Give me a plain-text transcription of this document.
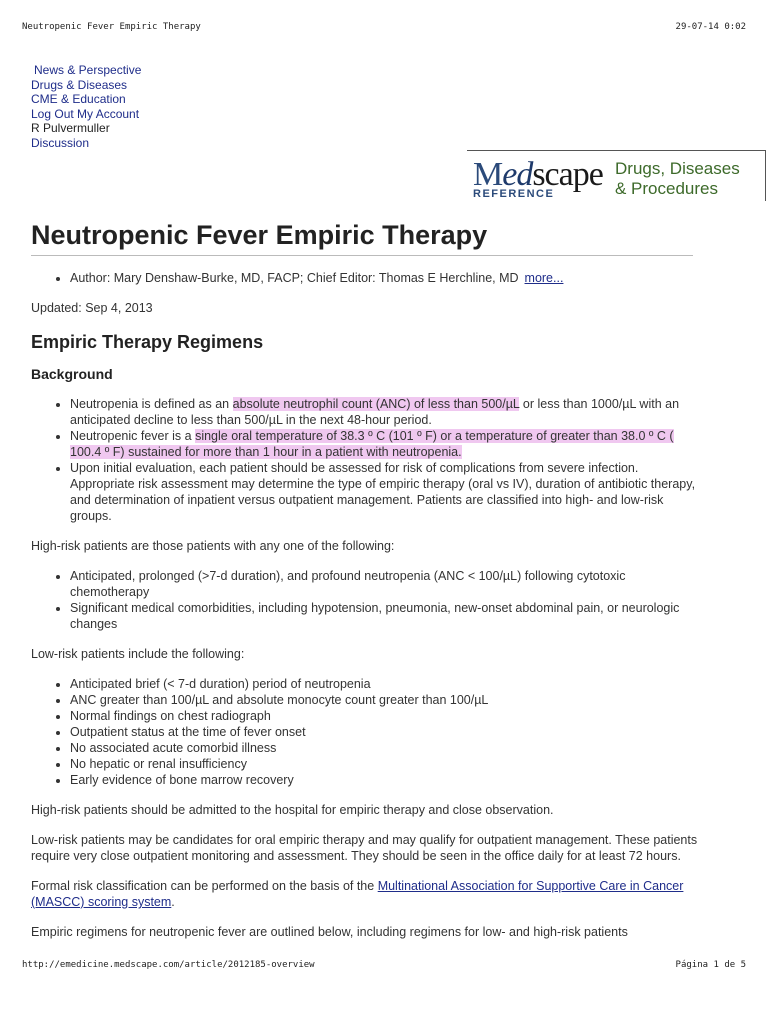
Neutropenic Fever Empiric Therapy	29-07-14 0:02
News & Perspective
Drugs & Diseases
CME & Education
Log Out My Account
R Pulvermuller
Discussion
Medscape
REFERENCE
Drugs, Diseases
& Procedures
Neutropenic Fever Empiric Therapy
• Author: Mary Denshaw-Burke, MD, FACP; Chief Editor: Thomas E Herchline, MD more...

Updated: Sep 4, 2013

Empiric Therapy Regimens
Background
• Neutropenia is defined as an absolute neutrophil count (ANC) of less than 500/µL or less than 1000/µL with an anticipated decline to less than 500/µL in the next 48-hour period.
• Neutropenic fever is a single oral temperature of 38.3 º C (101 º F) or a temperature of greater than 38.0 º C ( 100.4 º F) sustained for more than 1 hour in a patient with neutropenia.
• Upon initial evaluation, each patient should be assessed for risk of complications from severe infection. Appropriate risk assessment may determine the type of empiric therapy (oral vs IV), duration of antibiotic therapy, and determination of inpatient versus outpatient management. Patients are classified into high- and low-risk groups.

High-risk patients are those patients with any one of the following:

• Anticipated, prolonged (>7-d duration), and profound neutropenia (ANC < 100/µL) following cytotoxic chemotherapy
• Significant medical comorbidities, including hypotension, pneumonia, new-onset abdominal pain, or neurologic changes

Low-risk patients include the following:

• Anticipated brief (< 7-d duration) period of neutropenia
• ANC greater than 100/µL and absolute monocyte count greater than 100/µL
• Normal findings on chest radiograph
• Outpatient status at the time of fever onset
• No associated acute comorbid illness
• No hepatic or renal insufficiency
• Early evidence of bone marrow recovery

High-risk patients should be admitted to the hospital for empiric therapy and close observation.

Low-risk patients may be candidates for oral empiric therapy and may qualify for outpatient management. These patients require very close outpatient monitoring and assessment. They should be seen in the office daily for at least 72 hours.

Formal risk classification can be performed on the basis of the Multinational Association for Supportive Care in Cancer (MASCC) scoring system.

Empiric regimens for neutropenic fever are outlined below, including regimens for low- and high-risk patients

http://emedicine.medscape.com/article/2012185-overview	Página 1 de 5
